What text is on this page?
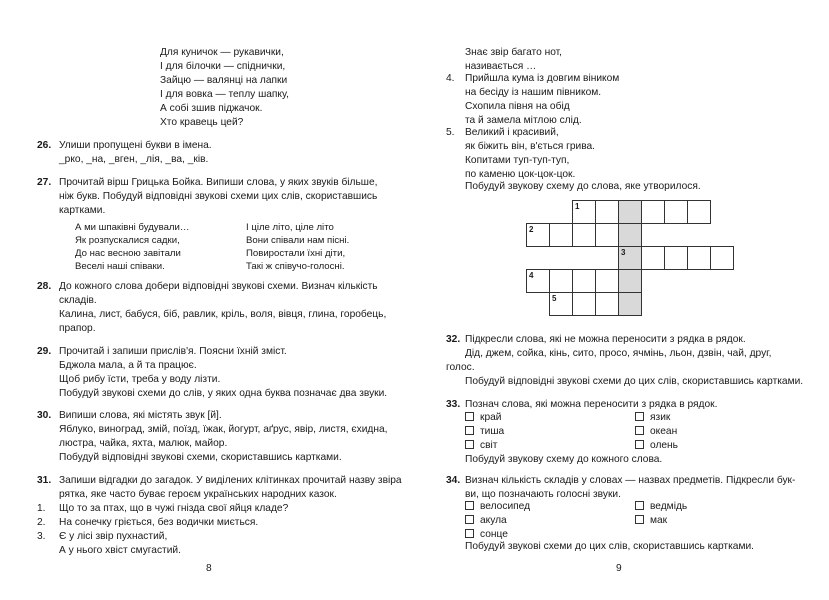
Для куничок — рукавички,
І для білочки — спіднички,
Зайцю — валянці на лапки
І для вовка — теплу шапку,
А собі зшив піджачок.
Хто кравець цей?
26. Улиши пропущені букви в імена.
_рко, _на, _вген, _лія, _ва, _ків.
27. Прочитай вірш Грицька Бойка. Випиши слова, у яких звуків більше,
ніж букв. Побудуй відповідні звукові схеми цих слів, скориставшись
картками.
А ми шпаківні будували…
Як розпускалися садки,
До нас весною завітали
Веселі наші співаки.
І ціле літо, ціле літо
Вони співали нам пісні.
Повиростали їхні діти,
Такі ж співучо-голосні.
28. До кожного слова добери відповідні звукові схеми. Визнач кількість
складів.
Калина, лист, бабуся, біб, равлик, кріль, воля, вівця, глина, горобець,
прапор.
29. Прочитай і запиши прислів'я. Поясни їхній зміст.
Бджола мала, а й та працює.
Щоб рибу їсти, треба у воду лізти.
Побудуй звукові схеми до слів, у яких одна буква позначає два звуки.
30. Випиши слова, які містять звук [й].
Яблуко, виноград, змій, поїзд, їжак, йогурт, аґрус, явір, листя, єхидна,
люстра, чайка, яхта, малюк, майор.
Побудуй відповідні звукові схеми, скориставшись картками.
31. Запиши відгадки до загадок. У виділених клітинках прочитай назву звіра
рятка, яке часто буває героєм українських народних казок.
1. Що то за птах, що в чужі гнізда свої яйця кладе?
2. На сонечку гріється, без водички миється.
3. Є у лісі звір пухнастий,
А у нього хвіст смугастий.
8
Знає звір багато нот,
називається …
4. Прийшла кума із довгим віником
на бесіду із нашим півником.
Схопила півня на обід
та й замела мітлою слід.
5. Великий і красивий,
як біжить він, в'ється грива.
Копитами туп-туп-туп,
по каменю цок-цок-цок.
Побудуй звукову схему до слова, яке утворилося.
1
2
3
4
5
32. Підкресли слова, які не можна переносити з рядка в рядок.
Дід, джем, сойка, кінь, сито, просо, ячмінь, льон, дзвін, чай, друг,
голос.
Побудуй відповідні звукові схеми до цих слів, скориставшись картками.
33. Познач слова, які можна переносити з рядка в рядок.
край
тиша
світ
язик
океан
олень
Побудуй звукову схему до кожного слова.
34. Визнач кількість складів у словах — назвах предметів. Підкресли бук-
ви, що позначають голосні звуки.
велосипед
акула
сонце
ведмідь
мак
Побудуй звукові схеми до цих слів, скориставшись картками.
9
